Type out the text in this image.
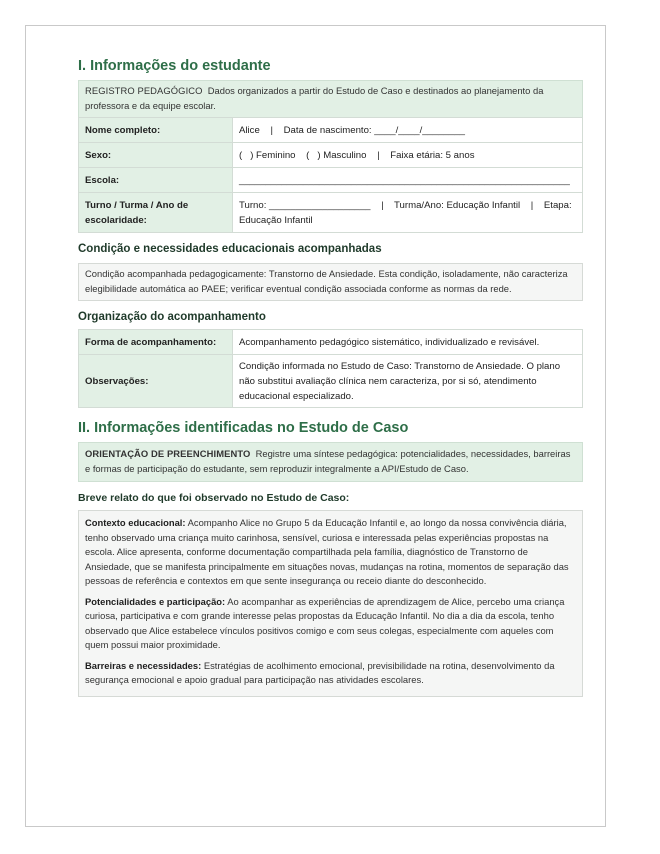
I. Informações do estudante
REGISTRO PEDAGÓGICO Dados organizados a partir do Estudo de Caso e destinados ao planejamento da professora e da equipe escolar.
Nome completo:	Alice    |    Data de nascimento: ____/____/________
Sexo:	(   ) Feminino    (   ) Masculino    |    Faixa etária: 5 anos
Escola:	______________________________________________________________
Turno / Turma / Ano de escolaridade:	Turno: ___________________    |    Turma/Ano: Educação Infantil    |    Etapa: Educação Infantil
Condição e necessidades educacionais acompanhadas
Condição acompanhada pedagogicamente: Transtorno de Ansiedade. Esta condição, isoladamente, não caracteriza elegibilidade automática ao PAEE; verificar eventual condição associada conforme as normas da rede.
Organização do acompanhamento
Forma de acompanhamento:	Acompanhamento pedagógico sistemático, individualizado e revisável.
Observações:	Condição informada no Estudo de Caso: Transtorno de Ansiedade. O plano não substitui avaliação clínica nem caracteriza, por si só, atendimento educacional especializado.
II. Informações identificadas no Estudo de Caso
ORIENTAÇÃO DE PREENCHIMENTO Registre uma síntese pedagógica: potencialidades, necessidades, barreiras e formas de participação do estudante, sem reproduzir integralmente a API/Estudo de Caso.
Breve relato do que foi observado no Estudo de Caso:

Contexto educacional: Acompanho Alice no Grupo 5 da Educação Infantil e, ao longo da nossa convivência diária, tenho observado uma criança muito carinhosa, sensível, curiosa e interessada pelas experiências propostas na escola. Alice apresenta, conforme documentação compartilhada pela família, diagnóstico de Transtorno de Ansiedade, que se manifesta principalmente em situações novas, mudanças na rotina, momentos de separação das pessoas de referência e contextos em que sente insegurança ou receio diante do desconhecido.

Potencialidades e participação: Ao acompanhar as experiências de aprendizagem de Alice, percebo uma criança curiosa, participativa e com grande interesse pelas propostas da Educação Infantil. No dia a dia da escola, tenho observado que Alice estabelece vínculos positivos comigo e com seus colegas, especialmente com aqueles com quem possui maior proximidade.

Barreiras e necessidades: Estratégias de acolhimento emocional, previsibilidade na rotina, desenvolvimento da segurança emocional e apoio gradual para participação nas atividades escolares.
